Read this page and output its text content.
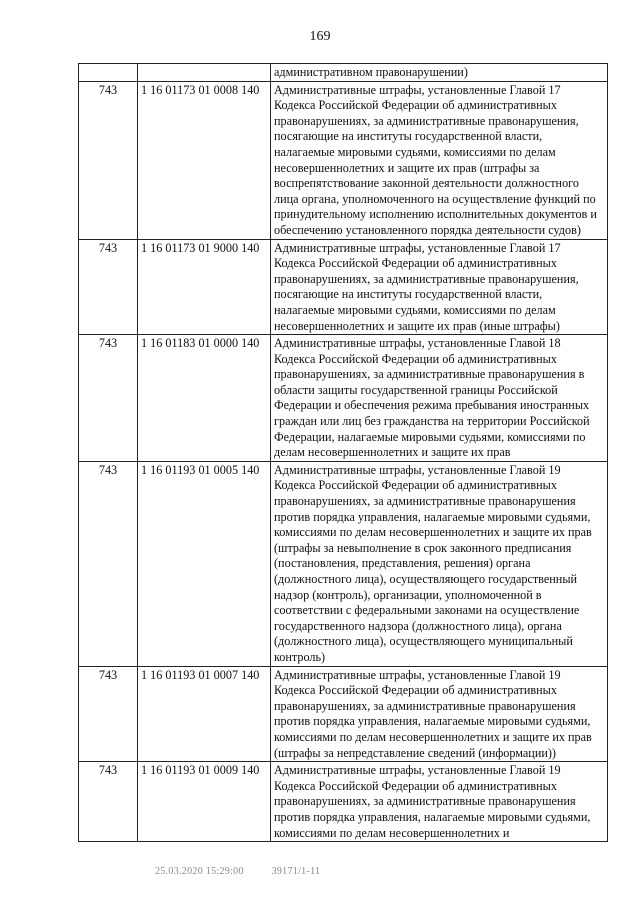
169
		административном правонарушении)
743	1 16 01173 01 0008 140	Административные штрафы, установленные Главой 17 Кодекса Российской Федерации об административных правонарушениях, за административные правонарушения, посягающие на институты государственной власти, налагаемые мировыми судьями, комиссиями по делам несовершеннолетних и защите их прав (штрафы за воспрепятствование законной деятельности должностного лица органа, уполномоченного на осуществление функций по принудительному исполнению исполнительных документов и обеспечению установленного порядка деятельности судов)
743	1 16 01173 01 9000 140	Административные штрафы, установленные Главой 17 Кодекса Российской Федерации об административных правонарушениях, за административные правонарушения, посягающие на институты государственной власти, налагаемые мировыми судьями, комиссиями по делам несовершеннолетних и защите их прав (иные штрафы)
743	1 16 01183 01 0000 140	Административные штрафы, установленные Главой 18 Кодекса Российской Федерации об административных правонарушениях, за административные правонарушения в области защиты государственной границы Российской Федерации и обеспечения режима пребывания иностранных граждан или лиц без гражданства на территории Российской Федерации, налагаемые мировыми судьями, комиссиями по делам несовершеннолетних и защите их прав
743	1 16 01193 01 0005 140	Административные штрафы, установленные Главой 19 Кодекса Российской Федерации об административных правонарушениях, за административные правонарушения против порядка управления, налагаемые мировыми судьями, комиссиями по делам несовершеннолетних и защите их прав (штрафы за невыполнение в срок законного предписания (постановления, представления, решения) органа (должностного лица), осуществляющего государственный надзор (контроль), организации, уполномоченной в соответствии с федеральными законами на осуществление государственного надзора (должностного лица), органа (должностного лица), осуществляющего муниципальный контроль)
743	1 16 01193 01 0007 140	Административные штрафы, установленные Главой 19 Кодекса Российской Федерации об административных правонарушениях, за административные правонарушения против порядка управления, налагаемые мировыми судьями, комиссиями по делам несовершеннолетних и защите их прав (штрафы за непредставление сведений (информации))
743	1 16 01193 01 0009 140	Административные штрафы, установленные Главой 19 Кодекса Российской Федерации об административных правонарушениях, за административные правонарушения против порядка управления, налагаемые мировыми судьями, комиссиями по делам несовершеннолетних и
25.03.2020 15:29:00	39171/1-11
